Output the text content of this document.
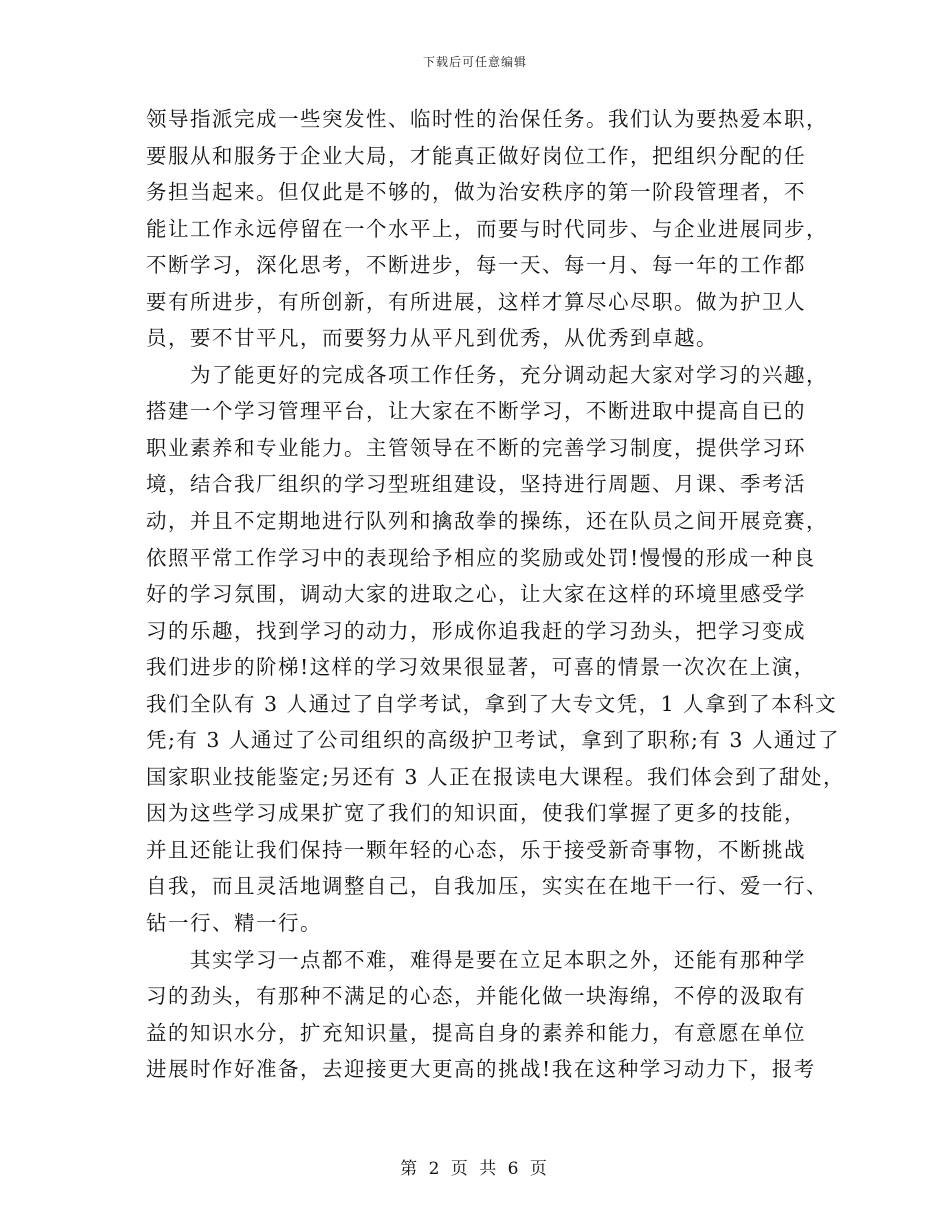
下载后可任意编辑
领导指派完成一些突发性、临时性的治保任务。我们认为要热爱本职，
要服从和服务于企业大局，才能真正做好岗位工作，把组织分配的任
务担当起来。但仅此是不够的，做为治安秩序的第一阶段管理者，不
能让工作永远停留在一个水平上，而要与时代同步、与企业进展同步，
不断学习，深化思考，不断进步，每一天、每一月、每一年的工作都
要有所进步，有所创新，有所进展，这样才算尽心尽职。做为护卫人
员，要不甘平凡，而要努力从平凡到优秀，从优秀到卓越。
　　为了能更好的完成各项工作任务，充分调动起大家对学习的兴趣，
搭建一个学习管理平台，让大家在不断学习，不断进取中提高自已的
职业素养和专业能力。主管领导在不断的完善学习制度，提供学习环
境，结合我厂组织的学习型班组建设，坚持进行周题、月课、季考活
动，并且不定期地进行队列和擒敌拳的操练，还在队员之间开展竞赛，
依照平常工作学习中的表现给予相应的奖励或处罚!慢慢的形成一种良
好的学习氛围，调动大家的进取之心，让大家在这样的环境里感受学
习的乐趣，找到学习的动力，形成你追我赶的学习劲头，把学习变成
我们进步的阶梯!这样的学习效果很显著，可喜的情景一次次在上演，
我们全队有 3 人通过了自学考试，拿到了大专文凭，1 人拿到了本科文
凭;有 3 人通过了公司组织的高级护卫考试，拿到了职称;有 3 人通过了
国家职业技能鉴定;另还有 3 人正在报读电大课程。我们体会到了甜处，
因为这些学习成果扩宽了我们的知识面，使我们掌握了更多的技能，
并且还能让我们保持一颗年轻的心态，乐于接受新奇事物，不断挑战
自我，而且灵活地调整自己，自我加压，实实在在地干一行、爱一行、
钻一行、精一行。
　　其实学习一点都不难，难得是要在立足本职之外，还能有那种学
习的劲头，有那种不满足的心态，并能化做一块海绵，不停的汲取有
益的知识水分，扩充知识量，提高自身的素养和能力，有意愿在单位
进展时作好准备，去迎接更大更高的挑战!我在这种学习动力下，报考
第 2 页 共 6 页
